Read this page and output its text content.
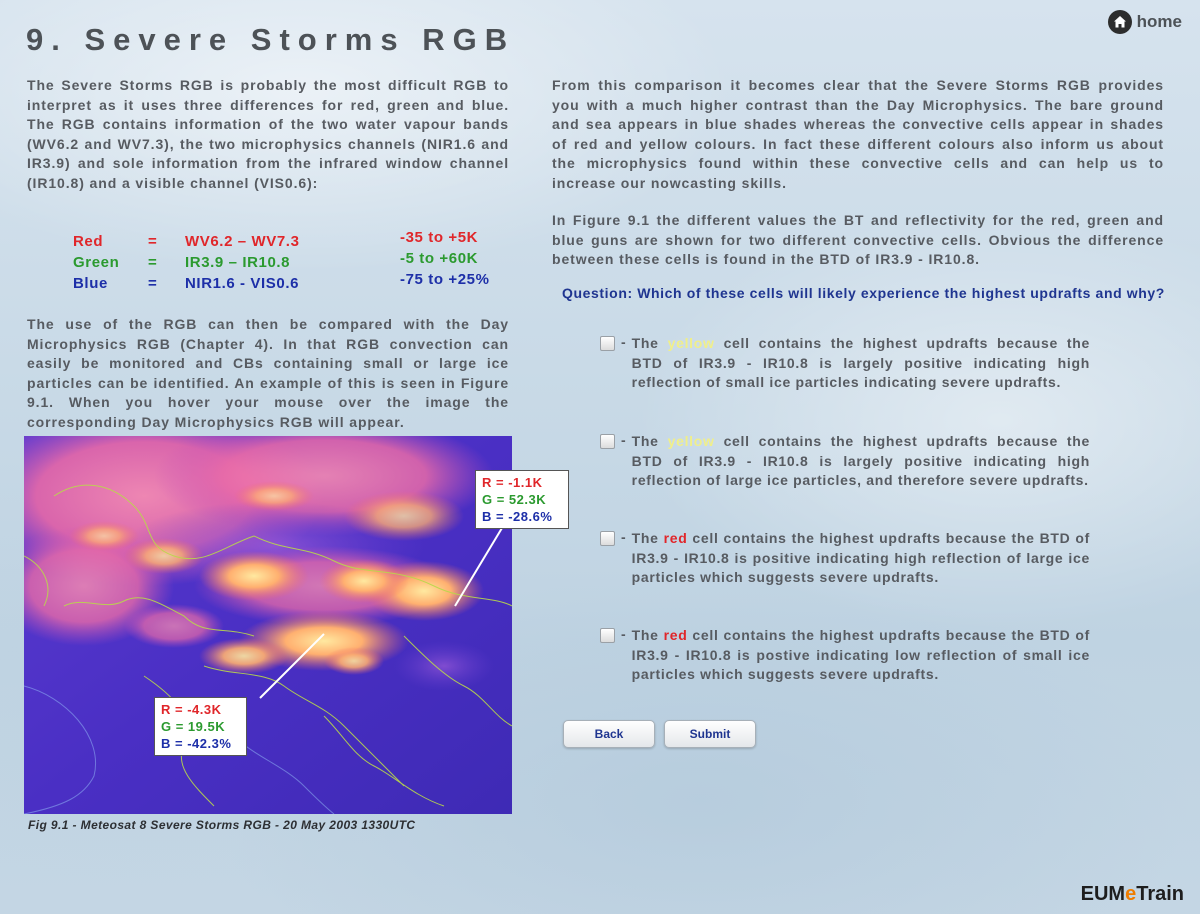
9. Severe Storms RGB
home
The Severe Storms RGB is probably the most difficult RGB to interpret as it uses three differences for red, green and blue. The RGB contains information of the two water vapour bands (WV6.2 and WV7.3), the two microphysics channels (NIR1.6 and IR3.9) and sole information from the infrared window channel (IR10.8) and a visible channel (VIS0.6):
Red	= WV6.2 – WV7.3	-35 to +5K
Green = IR3.9 – IR10.8	-5 to +60K
Blue	= NIR1.6 - VIS0.6	-75 to +25%
The use of the RGB can then be compared with the Day Microphysics RGB (Chapter 4). In that RGB convection can easily be monitored and CBs containing small or large ice particles can be identified. An example of this is seen in Figure 9.1. When you hover your mouse over the image the corresponding Day Microphysics RGB will appear.
From this comparison it becomes clear that the Severe Storms RGB provides you with a much higher contrast than the Day Microphysics. The bare ground and sea appears in blue shades whereas the convective cells appear in shades of red and yellow colours. In fact these different colours also inform us about the microphysics found within these convective cells and can help us to increase our nowcasting skills.
In Figure 9.1 the different values the BT and reflectivity for the red, green and blue guns are shown for two different convective cells. Obvious the difference between these cells is found in the BTD of IR3.9 - IR10.8.
Question: Which of these cells will likely experience the highest updrafts and why?
- The yellow cell contains the highest updrafts because the BTD of IR3.9 - IR10.8 is largely positive indicating high reflection of small ice particles indicating severe updrafts.
- The yellow cell contains the highest updrafts because the BTD of IR3.9 - IR10.8 is largely positive indicating high reflection of large ice particles, and therefore severe updrafts.
- The red cell contains the highest updrafts because the BTD of IR3.9 - IR10.8 is positive indicating high reflection of large ice particles which suggests severe updrafts.
- The red cell contains the highest updrafts because the BTD of IR3.9 - IR10.8 is postive indicating low reflection of small ice particles which suggests severe updrafts.
Back	Submit
R = -1.1K
G = 52.3K
B = -28.6%
R = -4.3K
G = 19.5K
B = -42.3%
Fig 9.1 - Meteosat 8 Severe Storms RGB - 20 May 2003 1330UTC
EUMeTrain
